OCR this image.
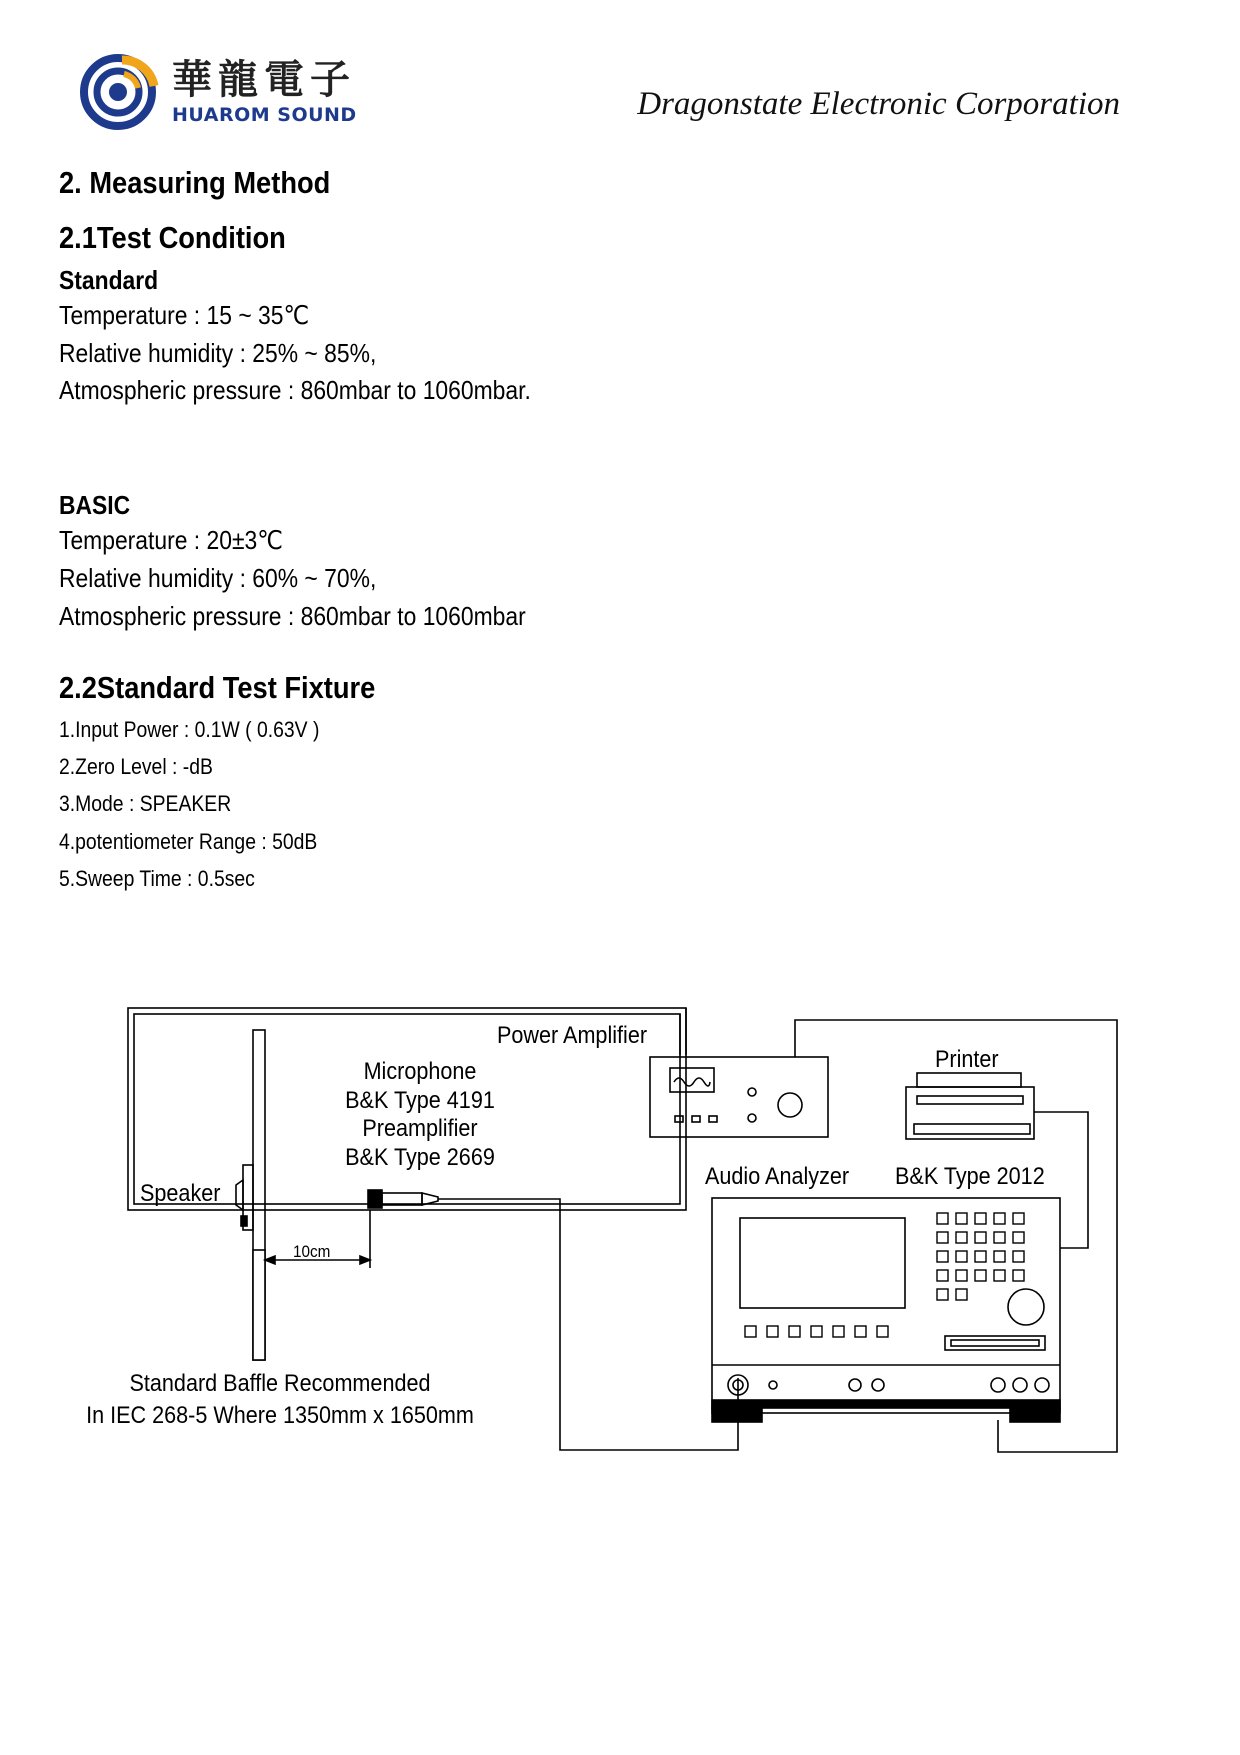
華龍電子
HUAROM SOUND	Dragonstate Electronic Corporation
2. Measuring Method
2.1Test Condition
Standard
Temperature : 15 ~ 35℃
Relative humidity : 25% ~ 85%,
Atmospheric pressure : 860mbar to 1060mbar.
BASIC
Temperature : 20±3℃
Relative humidity : 60% ~ 70%,
Atmospheric pressure : 860mbar to 1060mbar
2.2Standard Test Fixture
1.Input Power : 0.1W ( 0.63V )
2.Zero Level : -dB
3.Mode : SPEAKER
4.potentiometer Range : 50dB
5.Sweep Time : 0.5sec
Power Amplifier
Printer
Microphone
B&K Type 4191
Preamplifier
B&K Type 2669
Speaker
10cm
Audio Analyzer B&K Type 2012
Standard Baffle Recommended
In IEC 268-5 Where 1350mm x 1650mm
